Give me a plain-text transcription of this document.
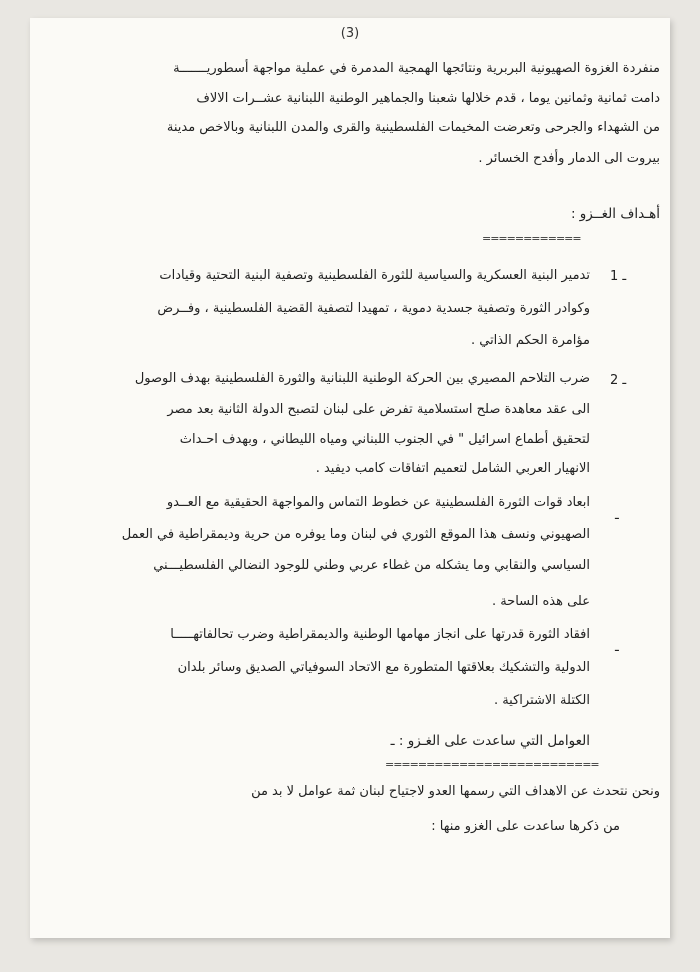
(3)
منفردة الغزوة الصهيونية البربرية ونتائجها الهمجية المدمرة في عملية مواجهة أسطوريـــــــة
دامت ثمانية وثمانين يوما ، قدم خلالها شعبنا والجماهير الوطنية اللبنانية عشــرات الالاف
من الشهداء والجرحى وتعرضت المخيمات الفلسطينية والقرى والمدن اللبنانية وبالاخص مدينة
بيروت الى الدمار وأفدح الخسائر .
أهـداف الغــزو :
============
1 ـ
تدمير البنية العسكرية والسياسية للثورة الفلسطينية وتصفية البنية التحتية وقيادات
وكوادر الثورة وتصفية جسدية دموية ، تمهيدا لتصفية القضية الفلسطينية ، وفــرض
مؤامرة الحكم الذاتي .
2 ـ
ضرب التلاحم المصيري بين الحركة الوطنية اللبنانية والثورة الفلسطينية بهدف الوصول
الى عقد معاهدة صلح استسلامية تفرض على لبنان لتصبح الدولة الثانية بعد مصر
لتحقيق أطماع اسرائيل " في الجنوب اللبناني ومياه الليطاني ، وبهدف احـداث
الانهيار العربي الشامل لتعميم اتفاقات كامب ديفيد .
ـ
ابعاد قوات الثورة الفلسطينية عن خطوط التماس والمواجهة الحقيقية مع العــدو
الصهيوني ونسف هذا الموقع الثوري في لبنان وما يوفره من حرية وديمقراطية في العمل
السياسي والنقابي وما يشكله من غطاء عربي وطني للوجود النضالي الفلسطيـــني
على هذه الساحة .
ـ
افقاد الثورة قدرتها على انجاز مهامها الوطنية والديمقراطية وضرب تحالفاتهـــــا
الدولية والتشكيك بعلاقتها المتطورة مع الاتحاد السوفياتي الصديق وسائر بلدان
الكتلة الاشتراكية .
العوامل التي ساعدت على الغـزو : ـ
==========================
ونحن نتحدث عن الاهداف التي رسمها العدو لاجتياح لبنان ثمة عوامل لا بد من
من ذكرها ساعدت على الغزو منها :
